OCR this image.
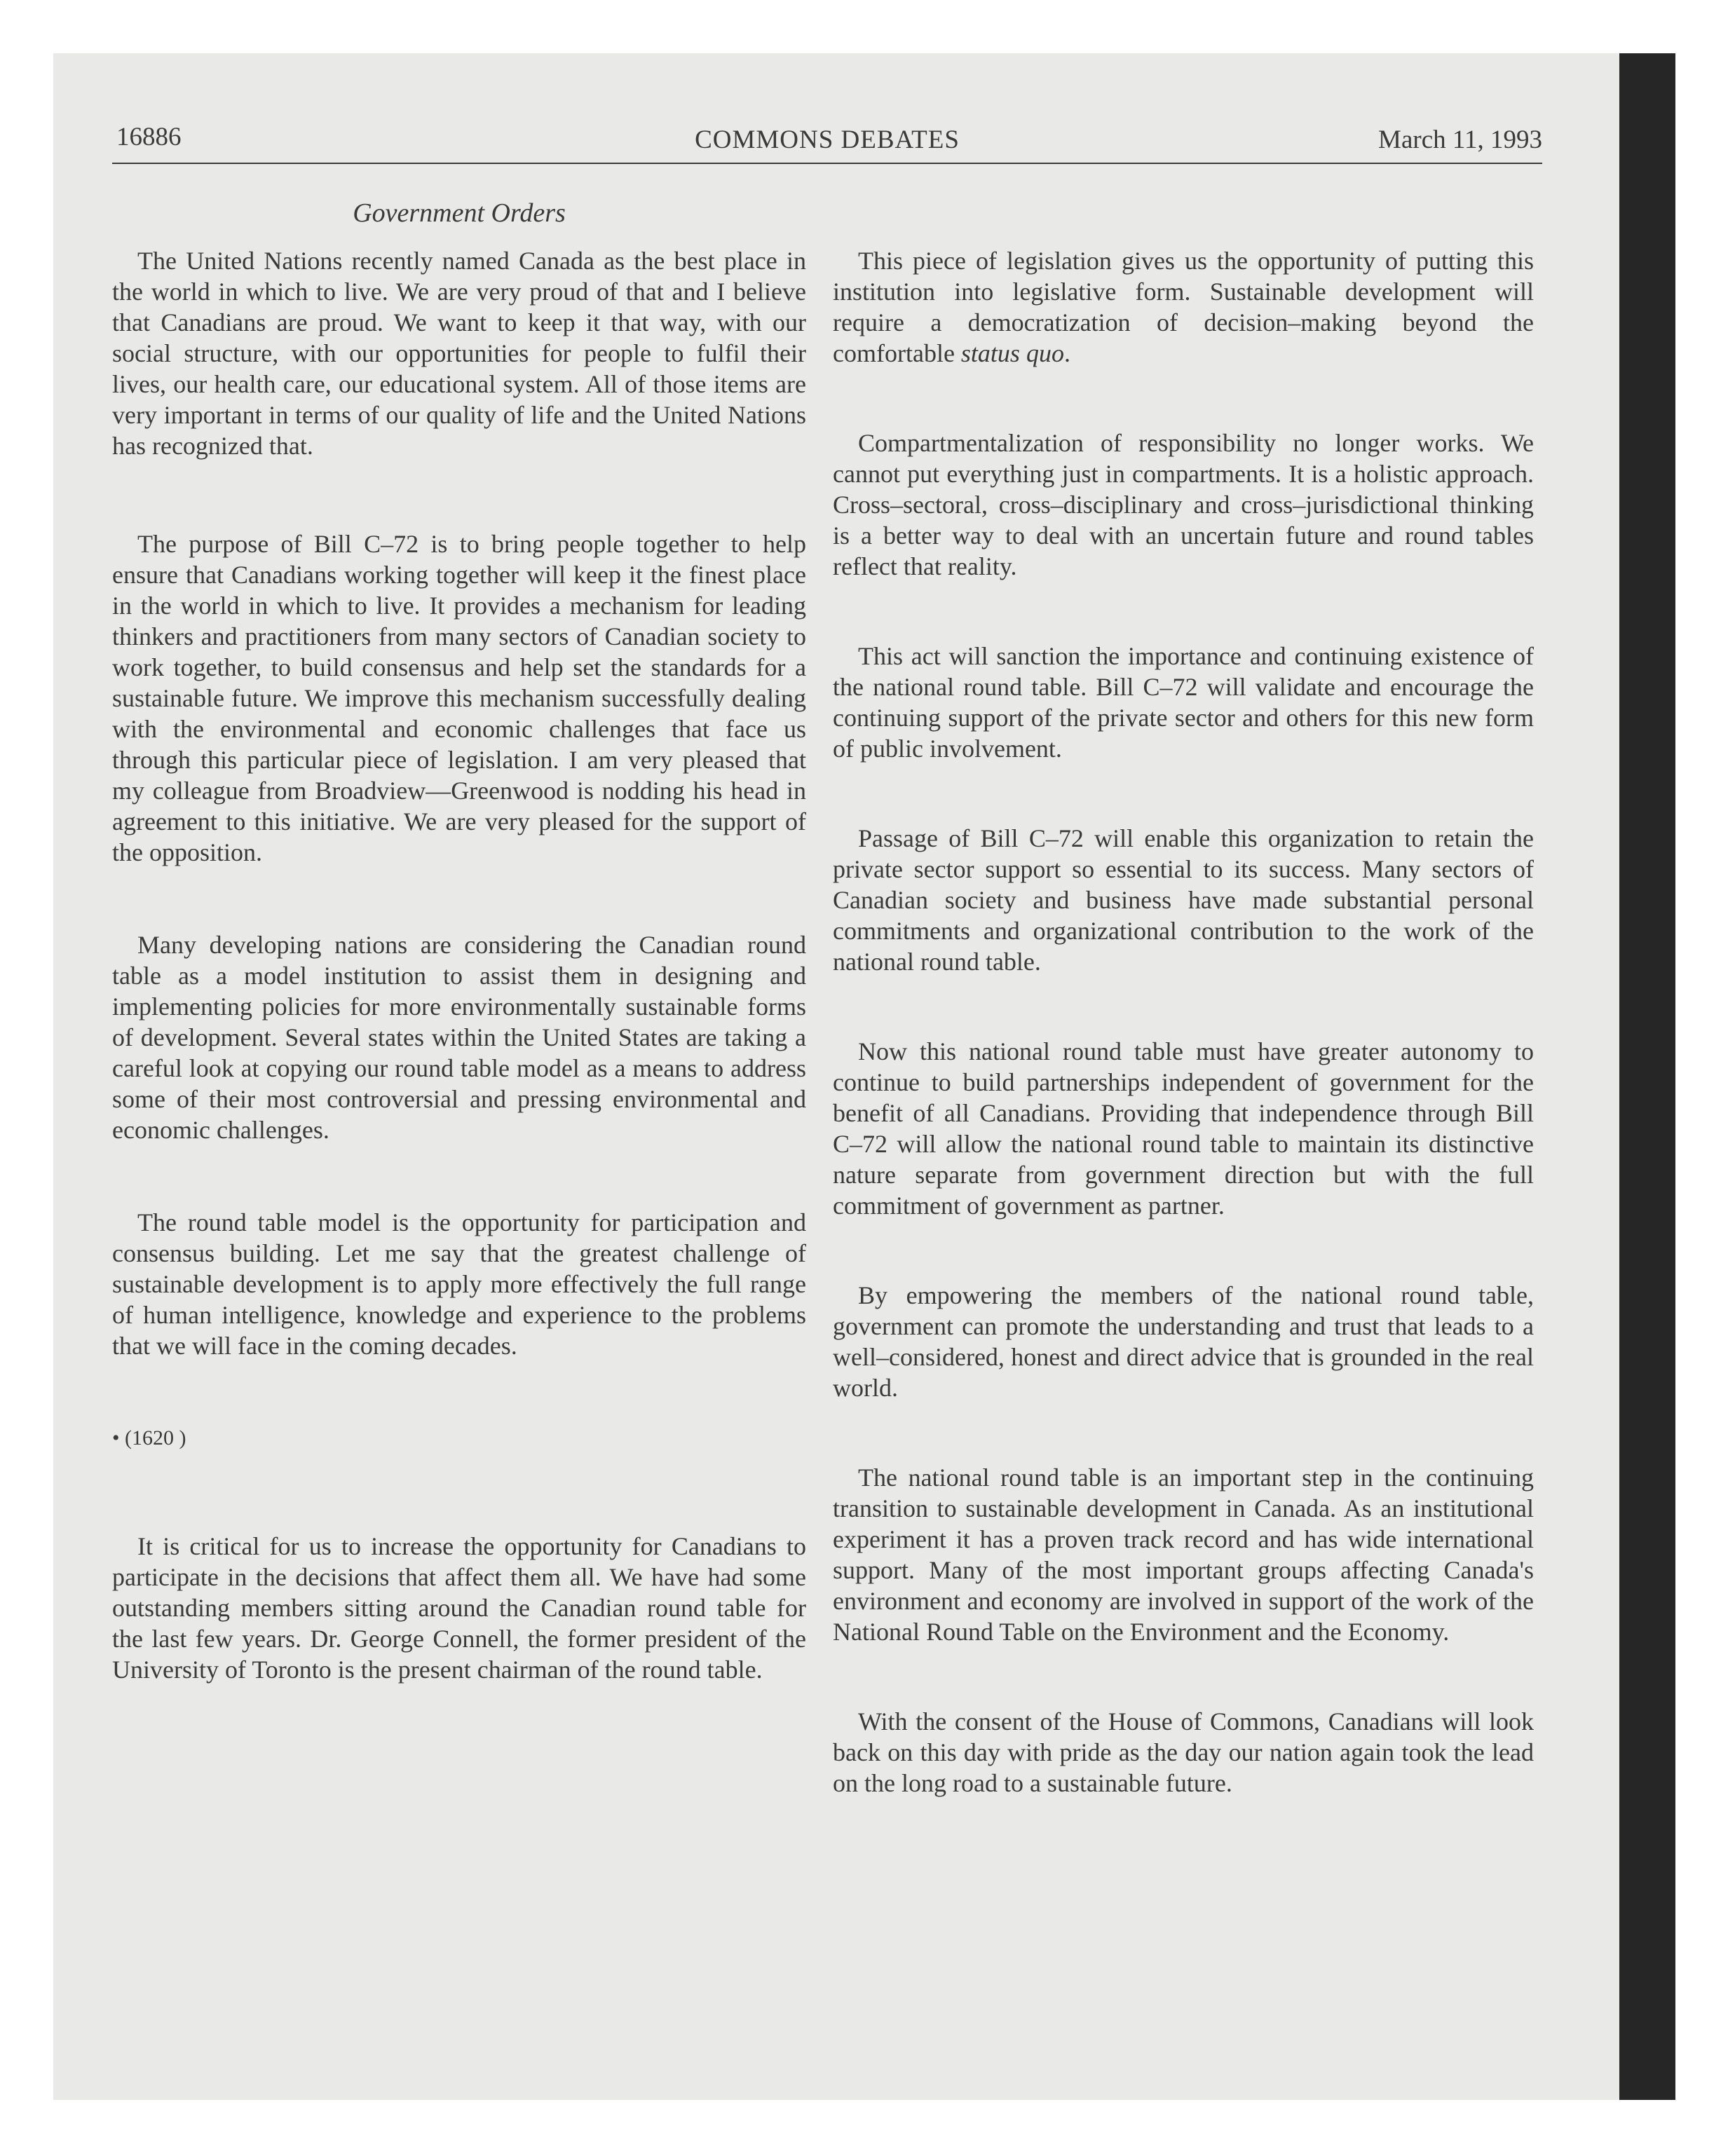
16886	COMMONS DEBATES	March 11, 1993
Government Orders

The United Nations recently named Canada as the best place in the world in which to live. We are very proud of that and I believe that Canadians are proud. We want to keep it that way, with our social structure, with our opportunities for people to fulfil their lives, our health care, our educational system. All of those items are very important in terms of our quality of life and the United Nations has recognized that.

The purpose of Bill C–72 is to bring people together to help ensure that Canadians working together will keep it the finest place in the world in which to live. It provides a mechanism for leading thinkers and practitioners from many sectors of Canadian society to work together, to build consensus and help set the standards for a sustainable future. We improve this mechanism successfully dealing with the environmental and economic challenges that face us through this particular piece of legislation. I am very pleased that my colleague from Broadview—Greenwood is nodding his head in agreement to this initiative. We are very pleased for the support of the opposition.

Many developing nations are considering the Canadian round table as a model institution to assist them in designing and implementing policies for more environmentally sustainable forms of development. Several states within the United States are taking a careful look at copying our round table model as a means to address some of their most controversial and pressing environmental and economic challenges.

The round table model is the opportunity for participation and consensus building. Let me say that the greatest challenge of sustainable development is to apply more effectively the full range of human intelligence, knowledge and experience to the problems that we will face in the coming decades.

• (1620 )

It is critical for us to increase the opportunity for Canadians to participate in the decisions that affect them all. We have had some outstanding members sitting around the Canadian round table for the last few years. Dr. George Connell, the former president of the University of Toronto is the present chairman of the round table.

This piece of legislation gives us the opportunity of putting this institution into legislative form. Sustainable development will require a democratization of decision–making beyond the comfortable status quo.

Compartmentalization of responsibility no longer works. We cannot put everything just in compartments. It is a holistic approach. Cross–sectoral, cross–disciplinary and cross–jurisdictional thinking is a better way to deal with an uncertain future and round tables reflect that reality.

This act will sanction the importance and continuing existence of the national round table. Bill C–72 will validate and encourage the continuing support of the private sector and others for this new form of public involvement.

Passage of Bill C–72 will enable this organization to retain the private sector support so essential to its success. Many sectors of Canadian society and business have made substantial personal commitments and organizational contribution to the work of the national round table.

Now this national round table must have greater autonomy to continue to build partnerships independent of government for the benefit of all Canadians. Providing that independence through Bill C–72 will allow the national round table to maintain its distinctive nature separate from government direction but with the full commitment of government as partner.

By empowering the members of the national round table, government can promote the understanding and trust that leads to a well–considered, honest and direct advice that is grounded in the real world.

The national round table is an important step in the continuing transition to sustainable development in Canada. As an institutional experiment it has a proven track record and has wide international support. Many of the most important groups affecting Canada's environment and economy are involved in support of the work of the National Round Table on the Environment and the Economy.

With the consent of the House of Commons, Canadians will look back on this day with pride as the day our nation again took the lead on the long road to a sustainable future.
